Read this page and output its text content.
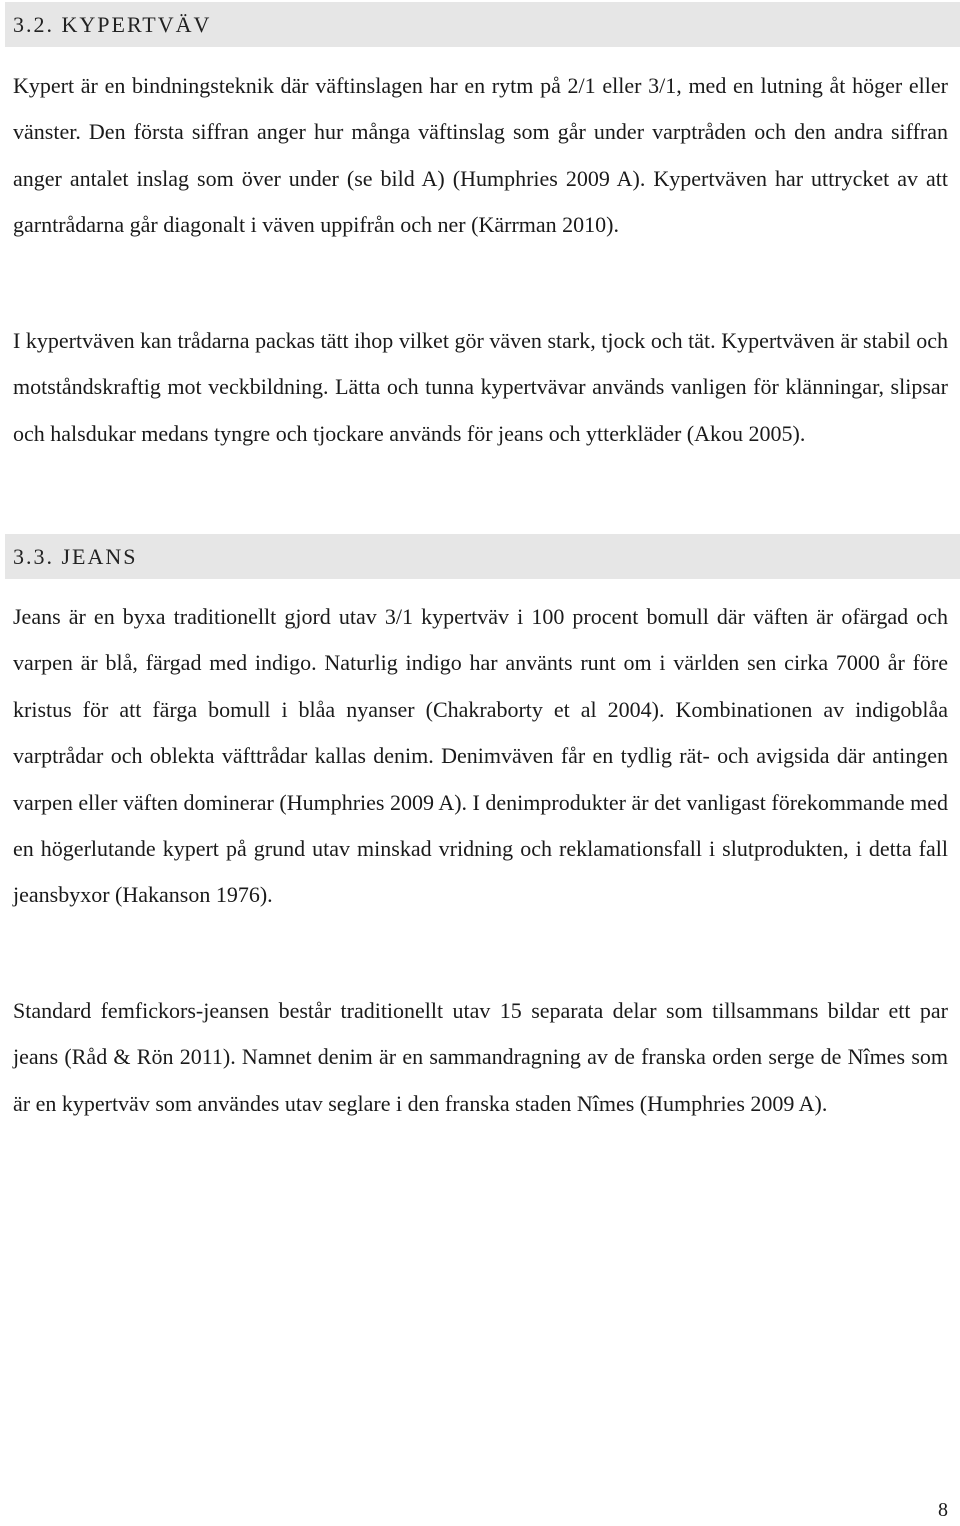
3.2. KYPERTVÄV

Kypert är en bindningsteknik där väftinslagen har en rytm på 2/1 eller 3/1, med en lutning åt höger eller vänster. Den första siffran anger hur många väftinslag som går under varptråden och den andra siffran anger antalet inslag som över under (se bild A) (Humphries 2009 A). Kypertväven har uttrycket av att garntrådarna går diagonalt i väven uppifrån och ner (Kärrman 2010).

I kypertväven kan trådarna packas tätt ihop vilket gör väven stark, tjock och tät. Kypertväven är stabil och motståndskraftig mot veckbildning. Lätta och tunna kypertvävar används vanligen för klänningar, slipsar och halsdukar medans tyngre och tjockare används för jeans och ytterkläder (Akou 2005).

3.3. JEANS

Jeans är en byxa traditionellt gjord utav 3/1 kypertväv i 100 procent bomull där väften är ofärgad och varpen är blå, färgad med indigo. Naturlig indigo har använts runt om i världen sen cirka 7000 år före kristus för att färga bomull i blåa nyanser (Chakraborty et al 2004). Kombinationen av indigoblåa varptrådar och oblekta väfttrådar kallas denim. Denimväven får en tydlig rät- och avigsida där antingen varpen eller väften dominerar (Humphries 2009 A). I denimprodukter är det vanligast förekommande med en högerlutande kypert på grund utav minskad vridning och reklamationsfall i slutprodukten, i detta fall jeansbyxor (Hakanson 1976).

Standard femfickors-jeansen består traditionellt utav 15 separata delar som tillsammans bildar ett par jeans (Råd & Rön 2011). Namnet denim är en sammandragning av de franska orden serge de Nîmes som är en kypertväv som användes utav seglare i den franska staden Nîmes (Humphries 2009 A).

8
